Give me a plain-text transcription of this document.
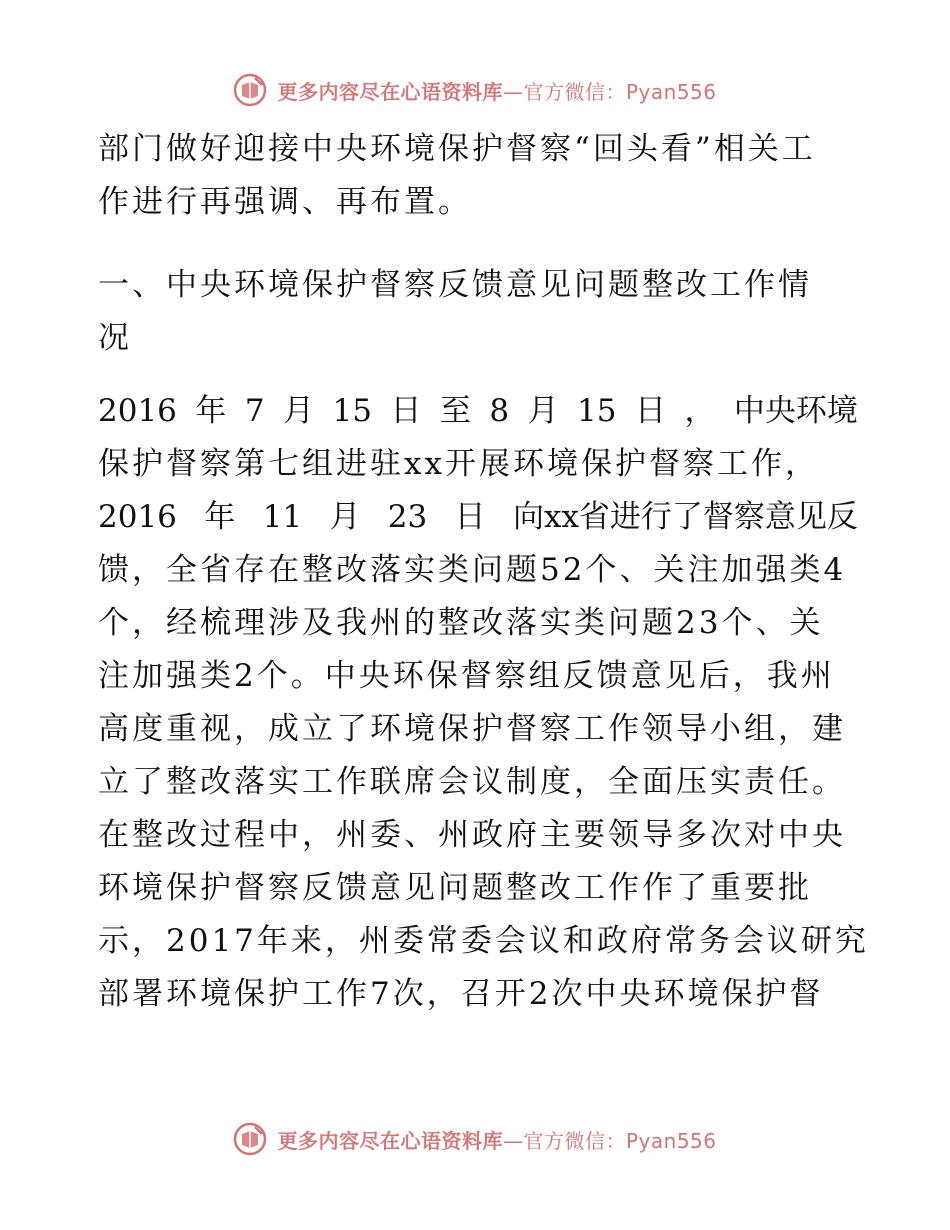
更多内容尽在心语资料库—官方微信：Pyan556
部门做好迎接中央环境保护督察“回头看”相关工
作进行再强调、再布置。
一、中央环境保护督察反馈意见问题整改工作情
况
2016 年 7 月 15 日 至 8 月 15 日 ， 中央环境
保护督察第七组进驻xx开展环境保护督察工作，
2016 年 11 月 23 日 向xx省进行了督察意见反
馈，全省存在整改落实类问题52个、关注加强类4
个，经梳理涉及我州的整改落实类问题23个、关
注加强类2个。中央环保督察组反馈意见后，我州
高度重视，成立了环境保护督察工作领导小组，建
立了整改落实工作联席会议制度，全面压实责任。
在整改过程中，州委、州政府主要领导多次对中央
环境保护督察反馈意见问题整改工作作了重要批
示，2017年来，州委常委会议和政府常务会议研究
部署环境保护工作7次，召开2次中央环境保护督
更多内容尽在心语资料库—官方微信：Pyan556
